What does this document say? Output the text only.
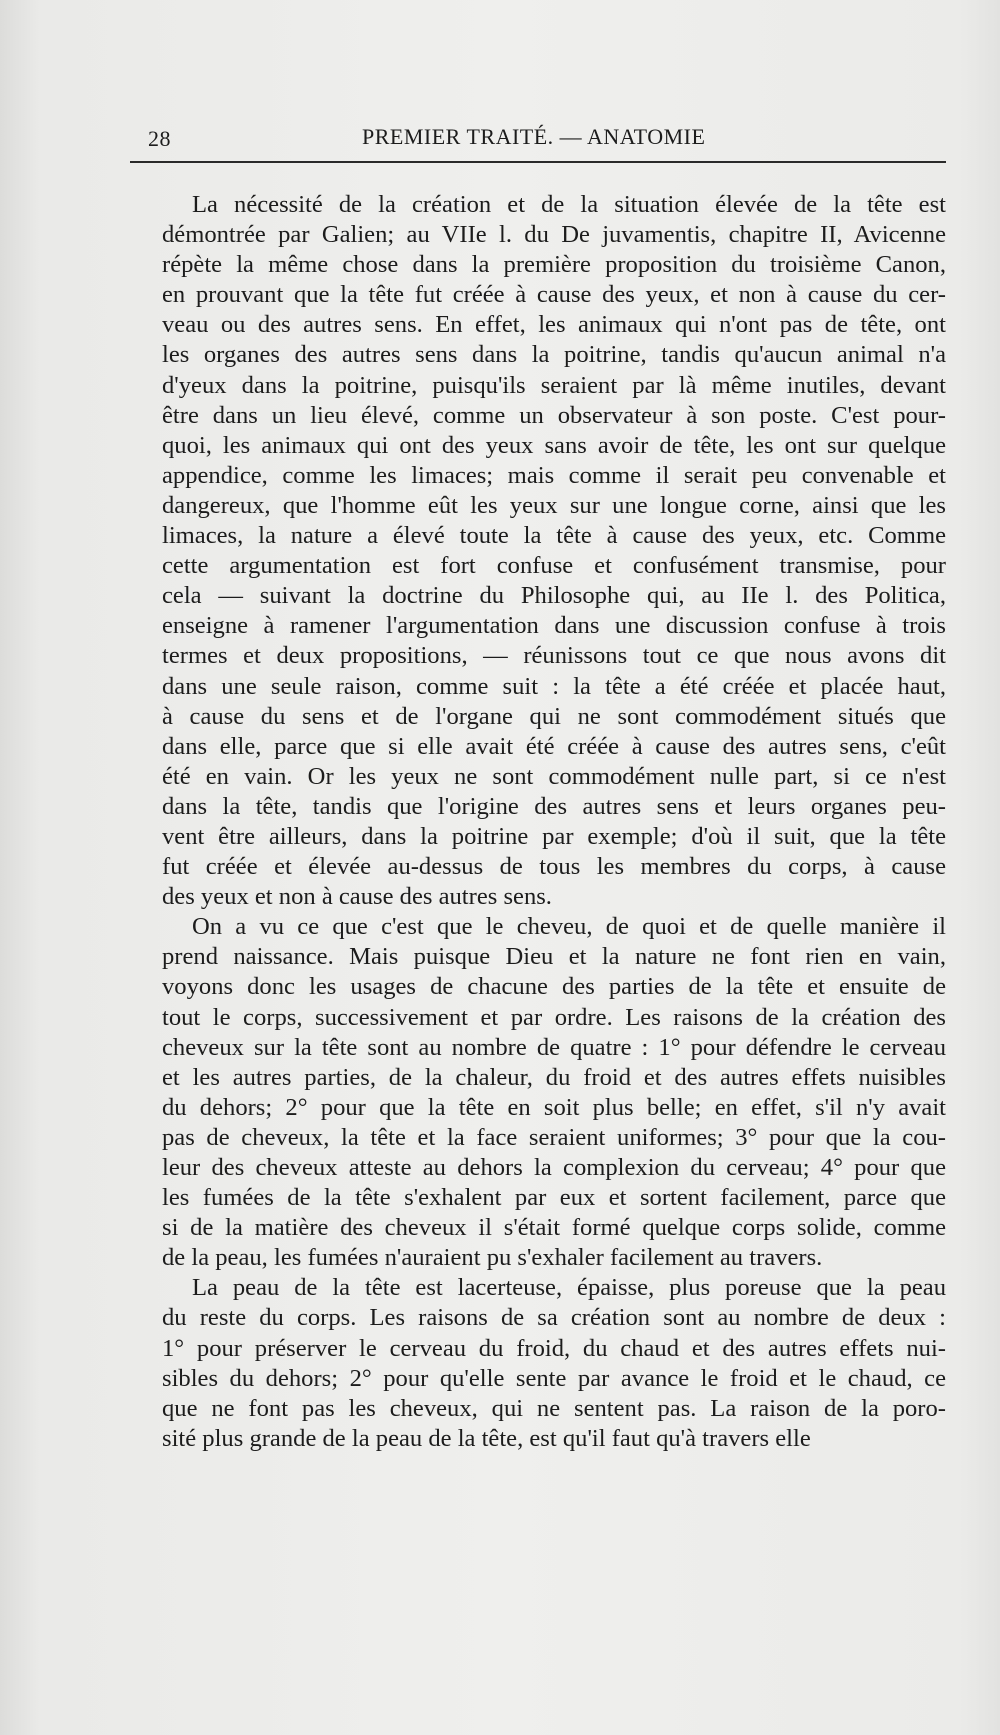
28	PREMIER TRAITÉ. — ANATOMIE
La nécessité de la création et de la situation élevée de la tête est
démontrée par Galien; au VIIe l. du De juvamentis, chapitre II, Avicenne
répète la même chose dans la première proposition du troisième Canon,
en prouvant que la tête fut créée à cause des yeux, et non à cause du cer-
veau ou des autres sens. En effet, les animaux qui n'ont pas de tête, ont
les organes des autres sens dans la poitrine, tandis qu'aucun animal n'a
d'yeux dans la poitrine, puisqu'ils seraient par là même inutiles, devant
être dans un lieu élevé, comme un observateur à son poste. C'est pour-
quoi, les animaux qui ont des yeux sans avoir de tête, les ont sur quelque
appendice, comme les limaces; mais comme il serait peu convenable et
dangereux, que l'homme eût les yeux sur une longue corne, ainsi que les
limaces, la nature a élevé toute la tête à cause des yeux, etc. Comme
cette argumentation est fort confuse et confusément transmise, pour
cela — suivant la doctrine du Philosophe qui, au IIe l. des Politica,
enseigne à ramener l'argumentation dans une discussion confuse à trois
termes et deux propositions, — réunissons tout ce que nous avons dit
dans une seule raison, comme suit : la tête a été créée et placée haut,
à cause du sens et de l'organe qui ne sont commodément situés que
dans elle, parce que si elle avait été créée à cause des autres sens, c'eût
été en vain. Or les yeux ne sont commodément nulle part, si ce n'est
dans la tête, tandis que l'origine des autres sens et leurs organes peu-
vent être ailleurs, dans la poitrine par exemple; d'où il suit, que la tête
fut créée et élevée au-dessus de tous les membres du corps, à cause
des yeux et non à cause des autres sens.
On a vu ce que c'est que le cheveu, de quoi et de quelle manière il
prend naissance. Mais puisque Dieu et la nature ne font rien en vain,
voyons donc les usages de chacune des parties de la tête et ensuite de
tout le corps, successivement et par ordre. Les raisons de la création des
cheveux sur la tête sont au nombre de quatre : 1° pour défendre le cerveau
et les autres parties, de la chaleur, du froid et des autres effets nuisibles
du dehors; 2° pour que la tête en soit plus belle; en effet, s'il n'y avait
pas de cheveux, la tête et la face seraient uniformes; 3° pour que la cou-
leur des cheveux atteste au dehors la complexion du cerveau; 4° pour que
les fumées de la tête s'exhalent par eux et sortent facilement, parce que
si de la matière des cheveux il s'était formé quelque corps solide, comme
de la peau, les fumées n'auraient pu s'exhaler facilement au travers.
La peau de la tête est lacerteuse, épaisse, plus poreuse que la peau
du reste du corps. Les raisons de sa création sont au nombre de deux :
1° pour préserver le cerveau du froid, du chaud et des autres effets nui-
sibles du dehors; 2° pour qu'elle sente par avance le froid et le chaud, ce
que ne font pas les cheveux, qui ne sentent pas. La raison de la poro-
sité plus grande de la peau de la tête, est qu'il faut qu'à travers elle
